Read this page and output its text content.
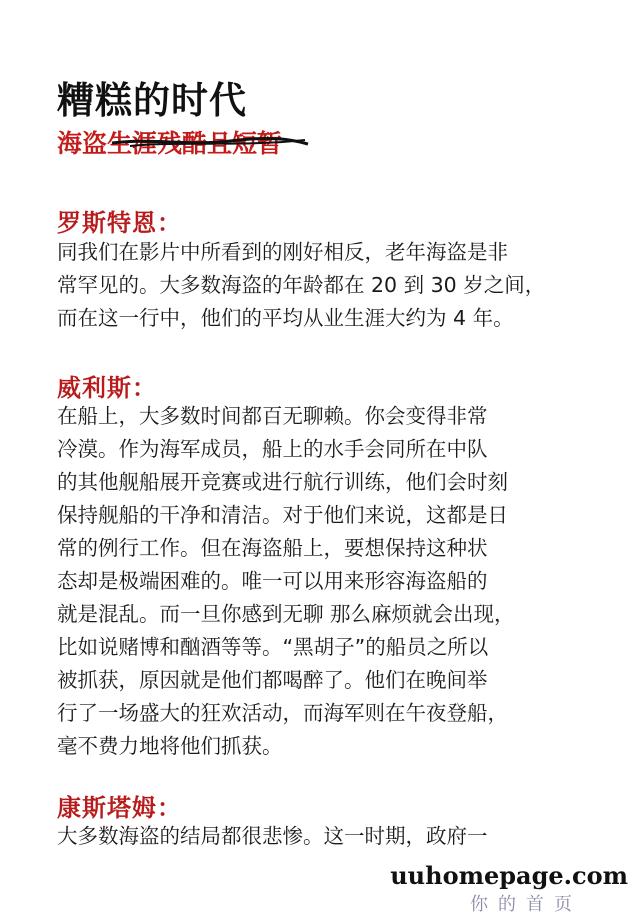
糟糕的时代
海盗生涯残酷且短暂
罗斯特恩：
同我们在影片中所看到的刚好相反，老年海盗是非
常罕见的。大多数海盗的年龄都在 20 到 30 岁之间，
而在这一行中，他们的平均从业生涯大约为 4 年。
威利斯：
在船上，大多数时间都百无聊赖。你会变得非常
冷漠。作为海军成员，船上的水手会同所在中队
的其他舰船展开竞赛或进行航行训练，他们会时刻
保持舰船的干净和清洁。对于他们来说，这都是日
常的例行工作。但在海盗船上，要想保持这种状
态却是极端困难的。唯一可以用来形容海盗船的
就是混乱。而一旦你感到无聊 那么麻烦就会出现，
比如说赌博和酗酒等等。“黑胡子”的船员之所以
被抓获，原因就是他们都喝醉了。他们在晚间举
行了一场盛大的狂欢活动，而海军则在午夜登船，
毫不费力地将他们抓获。
康斯塔姆：
大多数海盗的结局都很悲惨。这一时期，政府一
uuhomepage.com
你的首页
